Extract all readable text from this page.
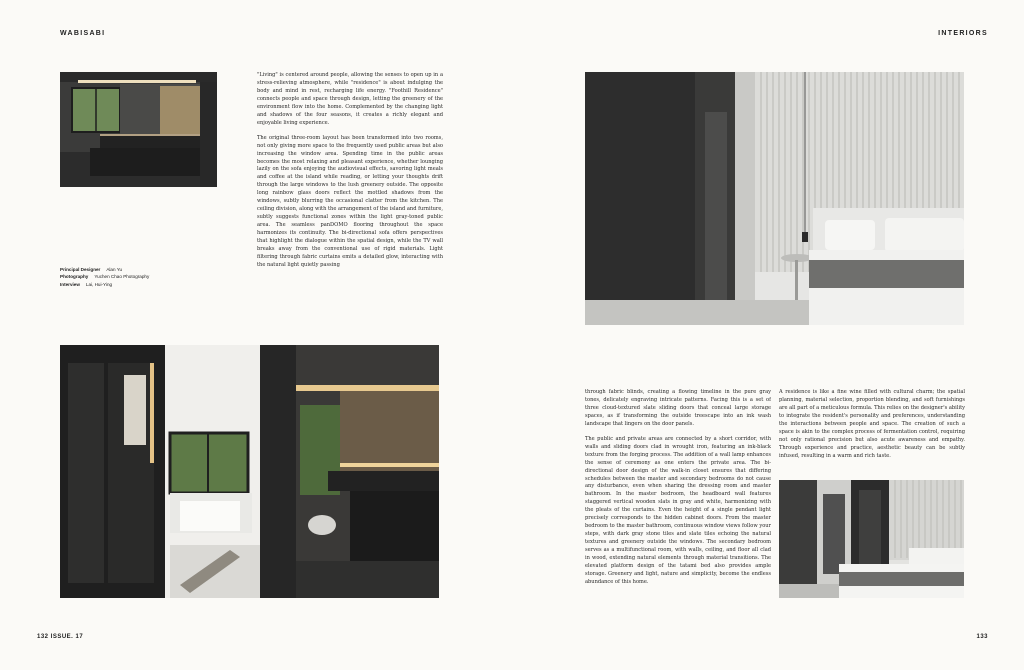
WABISABI	INTERIORS
Principal Designer Alan Yu
Photography Yuchen Chao Photography
Interview Lai, Hui-Ying

"Living" is centered around people, allowing the senses to open up in a stress-relieving atmosphere, while "residence" is about indulging the body and mind in rest, recharging life energy. "Foothill Residence" connects people and space through design, letting the greenery of the environment flow into the home. Complemented by the changing light and shadows of the four seasons, it creates a richly elegant and enjoyable living experience.

The original three-room layout has been transformed into two rooms, not only giving more space to the frequently used public areas but also increasing the window area. Spending time in the public areas becomes the most relaxing and pleasant experience, whether lounging lazily on the sofa enjoying the audiovisual effects, savoring light meals and coffee at the island while reading, or letting your thoughts drift through the large windows to the lush greenery outside. The opposite long rainbow glass doors reflect the mottled shadows from the windows, subtly blurring the occasional clatter from the kitchen. The ceiling division, along with the arrangement of the island and furniture, subtly suggests functional zones within the light gray-toned public area. The seamless panDOMO flooring throughout the space harmonizes its continuity. The bi-directional sofa offers perspectives that highlight the dialogue within the spatial design, while the TV wall breaks away from the conventional use of rigid materials. Light filtering through fabric curtains emits a detailed glow, interacting with the natural light quietly passing

through fabric blinds, creating a flowing timeline in the pure gray tones, delicately engraving intricate patterns. Facing this is a set of three cloud-textured slate sliding doors that conceal large storage spaces, as if transforming the outside treescape into an ink wash landscape that lingers on the door panels.

The public and private areas are connected by a short corridor, with walls and sliding doors clad in wrought iron, featuring an ink-black texture from the forging process. The addition of a wall lamp enhances the sense of ceremony as one enters the private area. The bi-directional door design of the walk-in closet ensures that differing schedules between the master and secondary bedrooms do not cause any disturbance, even when sharing the dressing room and master bathroom. In the master bedroom, the headboard wall features staggered vertical wooden slats in gray and white, harmonizing with the pleats of the curtains. Even the height of a single pendant light precisely corresponds to the hidden cabinet doors. From the master bedroom to the master bathroom, continuous window views follow your steps, with dark gray stone tiles and slate tiles echoing the natural textures and greenery outside the windows. The secondary bedroom serves as a multifunctional room, with walls, ceiling, and floor all clad in wood, extending natural elements through material transitions. The elevated platform design of the tatami bed also provides ample storage. Greenery and light, nature and simplicity, become the endless abundance of this home.

A residence is like a fine wine filled with cultural charm; the spatial planning, material selection, proportion blending, and soft furnishings are all part of a meticulous formula. This relies on the designer's ability to integrate the resident's personality and preferences, understanding the interactions between people and space. The creation of such a space is akin to the complex process of fermentation control, requiring not only rational precision but also acute awareness and empathy. Through experience and practice, aesthetic beauty can be subtly infused, resulting in a warm and rich taste.

132 ISSUE. 17	133
